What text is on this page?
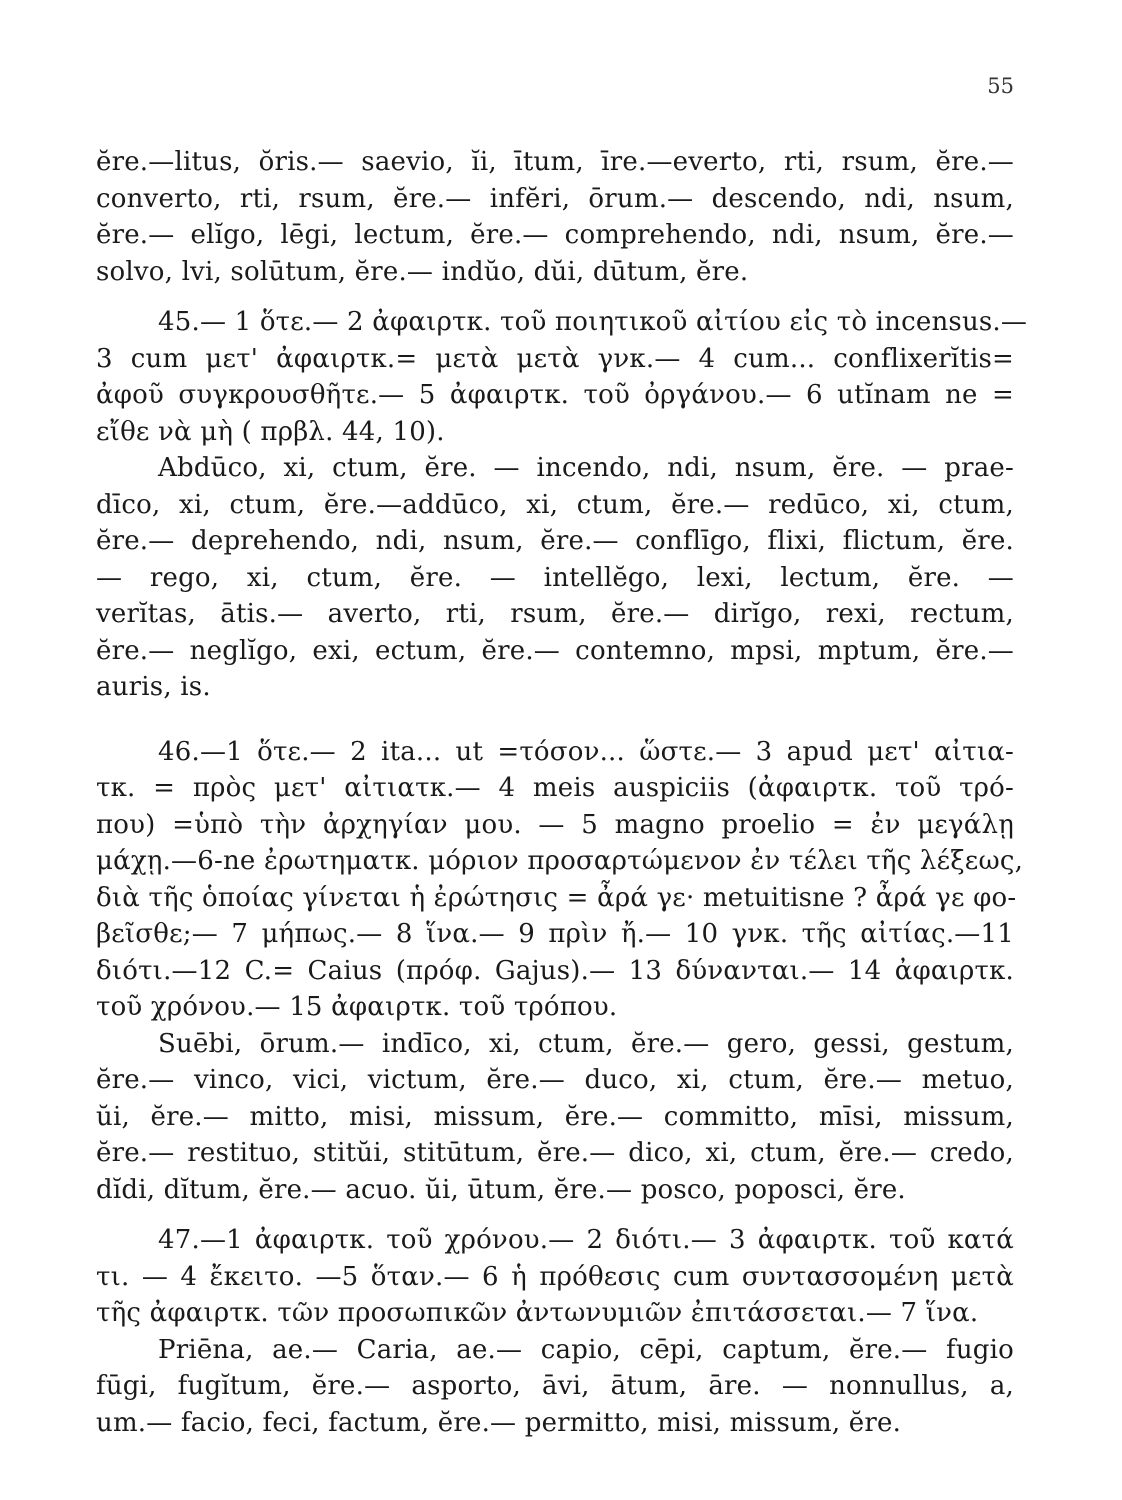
55
ĕre.—litus, ŏris.— saevio, ĭi, ītum, īre.—everto, rti, rsum, ĕre.—
converto, rti, rsum, ĕre.— infĕri, ōrum.— descendo, ndi, nsum,
ĕre.— elĭgo, lēgi, lectum, ĕre.— comprehendo, ndi, nsum, ĕre.—
solvo, lvi, solūtum, ĕre.— indŭo, dŭi, dūtum, ĕre.
45.— 1 ὅτε.— 2 ἀφαιρτκ. τοῦ ποιητικοῦ αἰτίου εἰς τὸ incensus.—
3 cum μετ' ἀφαιρτκ.= μετὰ μετὰ γνκ.— 4 cum... conflixerĭtis=
ἀφοῦ συγκρουσθῆτε.— 5 ἀφαιρτκ. τοῦ ὀργάνου.— 6 utĭnam ne =
εἴθε νὰ μὴ ( πρβλ. 44, 10).
Abdūco, xi, ctum, ĕre. — incendo, ndi, nsum, ĕre. — prae-
dīco, xi, ctum, ĕre.—addūco, xi, ctum, ĕre.— redūco, xi, ctum,
ĕre.— deprehendo, ndi, nsum, ĕre.— conflīgo, flixi, flictum, ĕre.
— rego, xi, ctum, ĕre. — intellĕgo, lexi, lectum, ĕre. —
verĭtas, ātis.— averto, rti, rsum, ĕre.— dirĭgo, rexi, rectum,
ĕre.— neglĭgo, exi, ectum, ĕre.— contemno, mpsi, mptum, ĕre.—
auris, is.
46.—1 ὅτε.— 2 ita... ut =τόσον... ὥστε.— 3 apud μετ' αἰτια-
τκ. = πρὸς μετ' αἰτιατκ.— 4 meis auspiciis (ἀφαιρτκ. τοῦ τρό-
που) =ὑπὸ τὴν ἀρχηγίαν μου. — 5 magno proelio = ἐν μεγάλῃ
μάχῃ.—6-ne ἐρωτηματκ. μόριον προσαρτώμενον ἐν τέλει τῆς λέξεως,
διὰ τῆς ὁποίας γίνεται ἡ ἐρώτησις = ἆρά γε· metuitisne ? ἆρά γε φο-
βεῖσθε;— 7 μήπως.— 8 ἵνα.— 9 πρὶν ἤ.— 10 γνκ. τῆς αἰτίας.—11
διότι.—12 C.= Caius (πρόφ. Gajus).— 13 δύνανται.— 14 ἀφαιρτκ.
τοῦ χρόνου.— 15 ἀφαιρτκ. τοῦ τρόπου.
Suēbi, ōrum.— indīco, xi, ctum, ĕre.— gero, gessi, gestum,
ĕre.— vinco, vici, victum, ĕre.— duco, xi, ctum, ĕre.— metuo,
ŭi, ĕre.— mitto, misi, missum, ĕre.— committo, mīsi, missum,
ĕre.— restituo, stitŭi, stitūtum, ĕre.— dico, xi, ctum, ĕre.— credo,
dĭdi, dĭtum, ĕre.— acuo. ŭi, ūtum, ĕre.— posco, poposci, ĕre.
47.—1 ἀφαιρτκ. τοῦ χρόνου.— 2 διότι.— 3 ἀφαιρτκ. τοῦ κατά
τι. — 4 ἔκειτο. —5 ὅταν.— 6 ἡ πρόθεσις cum συντασσομένη μετὰ
τῆς ἀφαιρτκ. τῶν προσωπικῶν ἀντωνυμιῶν ἐπιτάσσεται.— 7 ἵνα.
Priēna, ae.— Caria, ae.— capio, cēpi, captum, ĕre.— fugio
fūgi, fugĭtum, ĕre.— asporto, āvi, ātum, āre. — nonnullus, a,
um.— facio, feci, factum, ĕre.— permitto, misi, missum, ĕre.
